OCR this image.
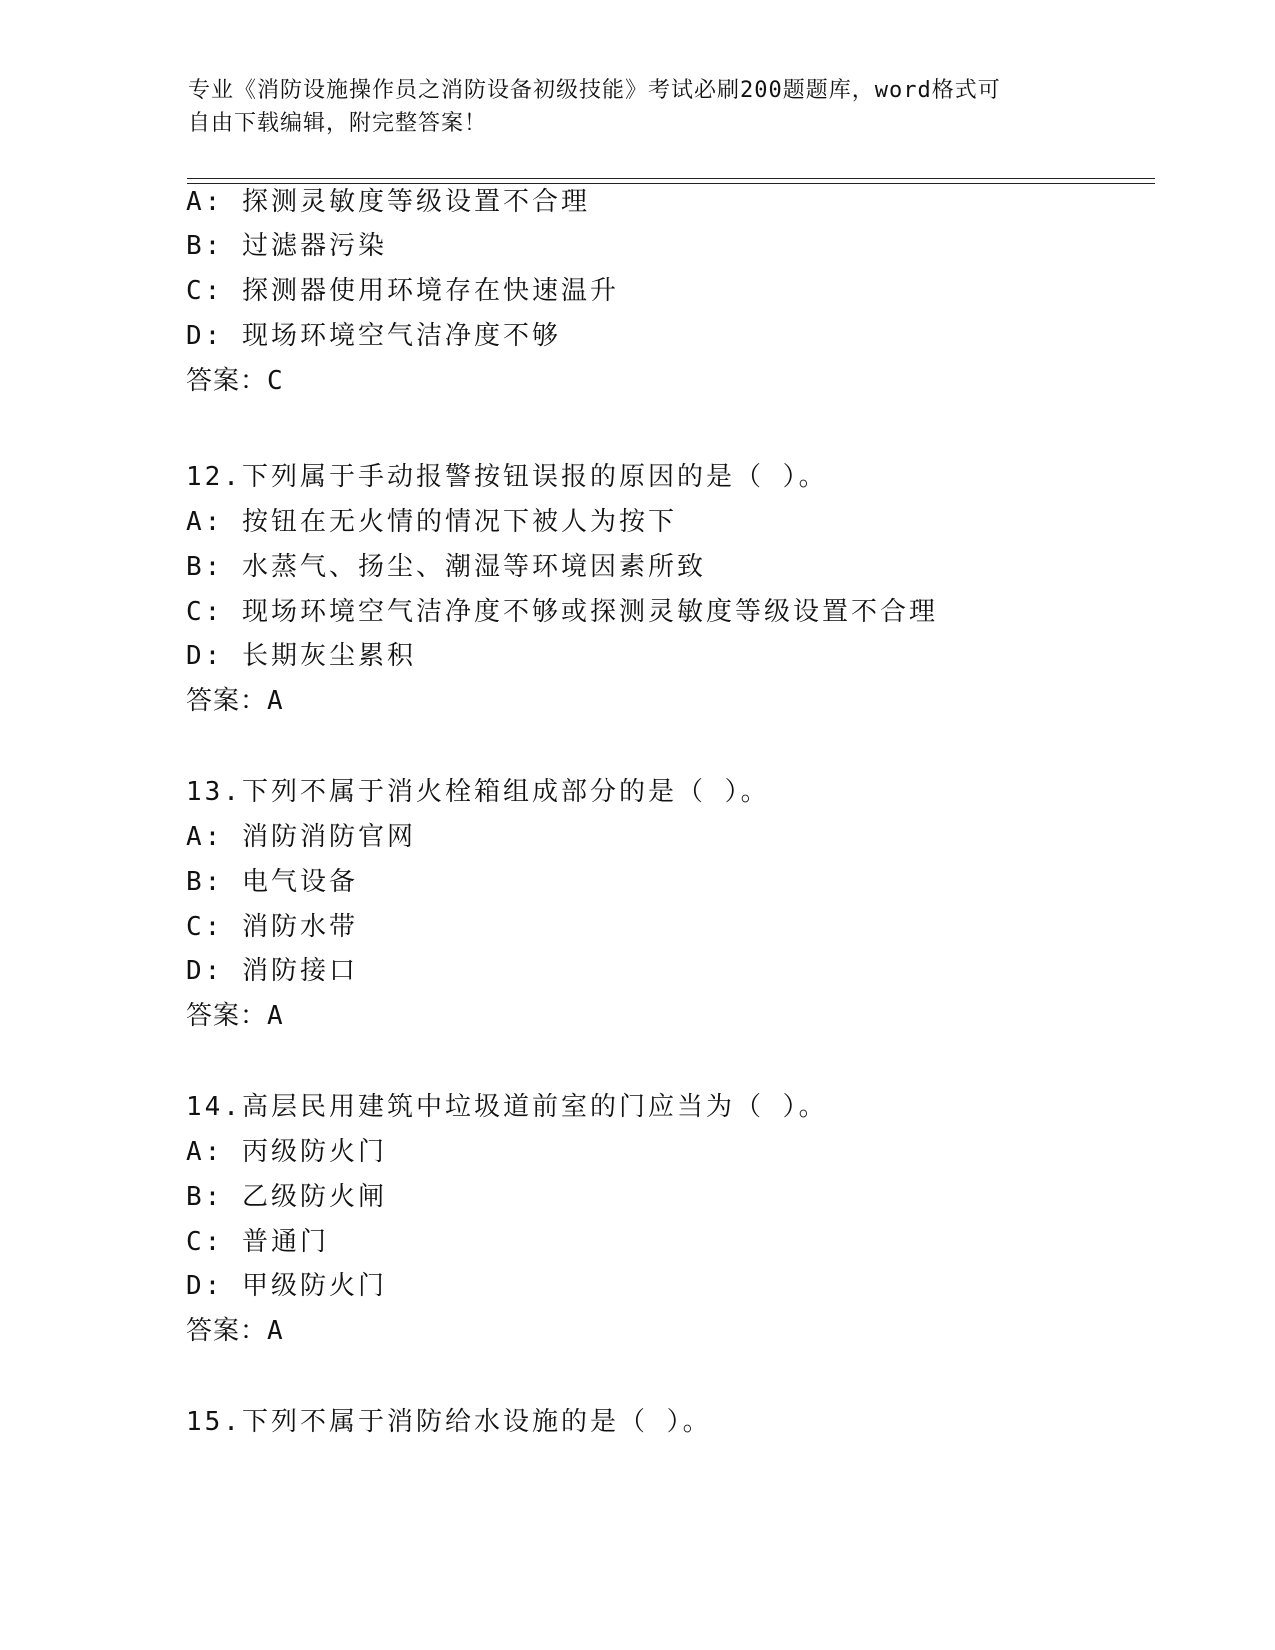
专业《消防设施操作员之消防设备初级技能》考试必刷200题题库，word格式可
自由下载编辑，附完整答案！
A: 探测灵敏度等级设置不合理
B: 过滤器污染
C: 探测器使用环境存在快速温升
D: 现场环境空气洁净度不够
答案：C
12.下列属于手动报警按钮误报的原因的是（ ）。
A: 按钮在无火情的情况下被人为按下
B: 水蒸气、扬尘、潮湿等环境因素所致
C: 现场环境空气洁净度不够或探测灵敏度等级设置不合理
D: 长期灰尘累积
答案：A
13.下列不属于消火栓箱组成部分的是（ ）。
A: 消防消防官网
B: 电气设备
C: 消防水带
D: 消防接口
答案：A
14.高层民用建筑中垃圾道前室的门应当为（ ）。
A: 丙级防火门
B: 乙级防火闸
C: 普通门
D: 甲级防火门
答案：A
15.下列不属于消防给水设施的是（ ）。
